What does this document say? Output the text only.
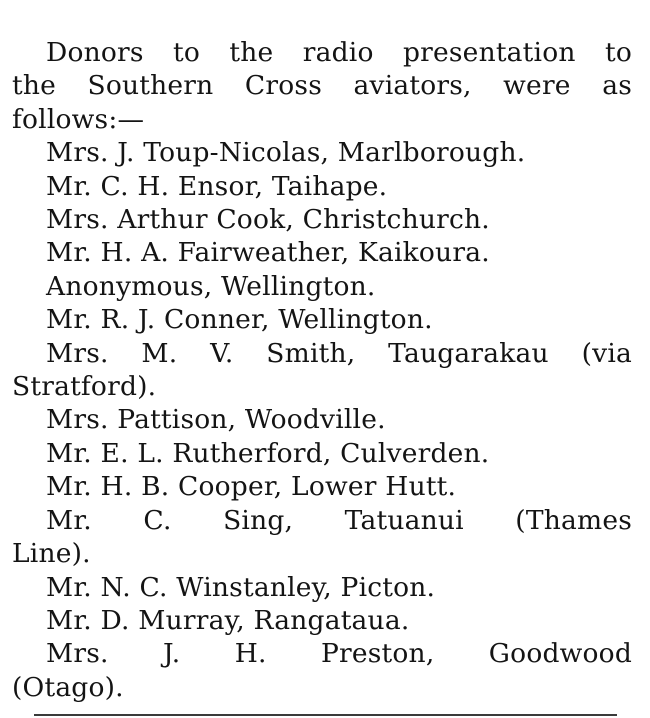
Donors to the radio presentation to
the Southern Cross aviators, were as
follows:—
Mrs. J. Toup-Nicolas, Marlborough.
Mr. C. H. Ensor, Taihape.
Mrs. Arthur Cook, Christchurch.
Mr. H. A. Fairweather, Kaikoura.
Anonymous, Wellington.
Mr. R. J. Conner, Wellington.
Mrs. M. V. Smith, Taugarakau (via
Stratford).
Mrs. Pattison, Woodville.
Mr. E. L. Rutherford, Culverden.
Mr. H. B. Cooper, Lower Hutt.
Mr. C. Sing, Tatuanui (Thames
Line).
Mr. N. C. Winstanley, Picton.
Mr. D. Murray, Rangataua.
Mrs. J. H. Preston, Goodwood
(Otago).
